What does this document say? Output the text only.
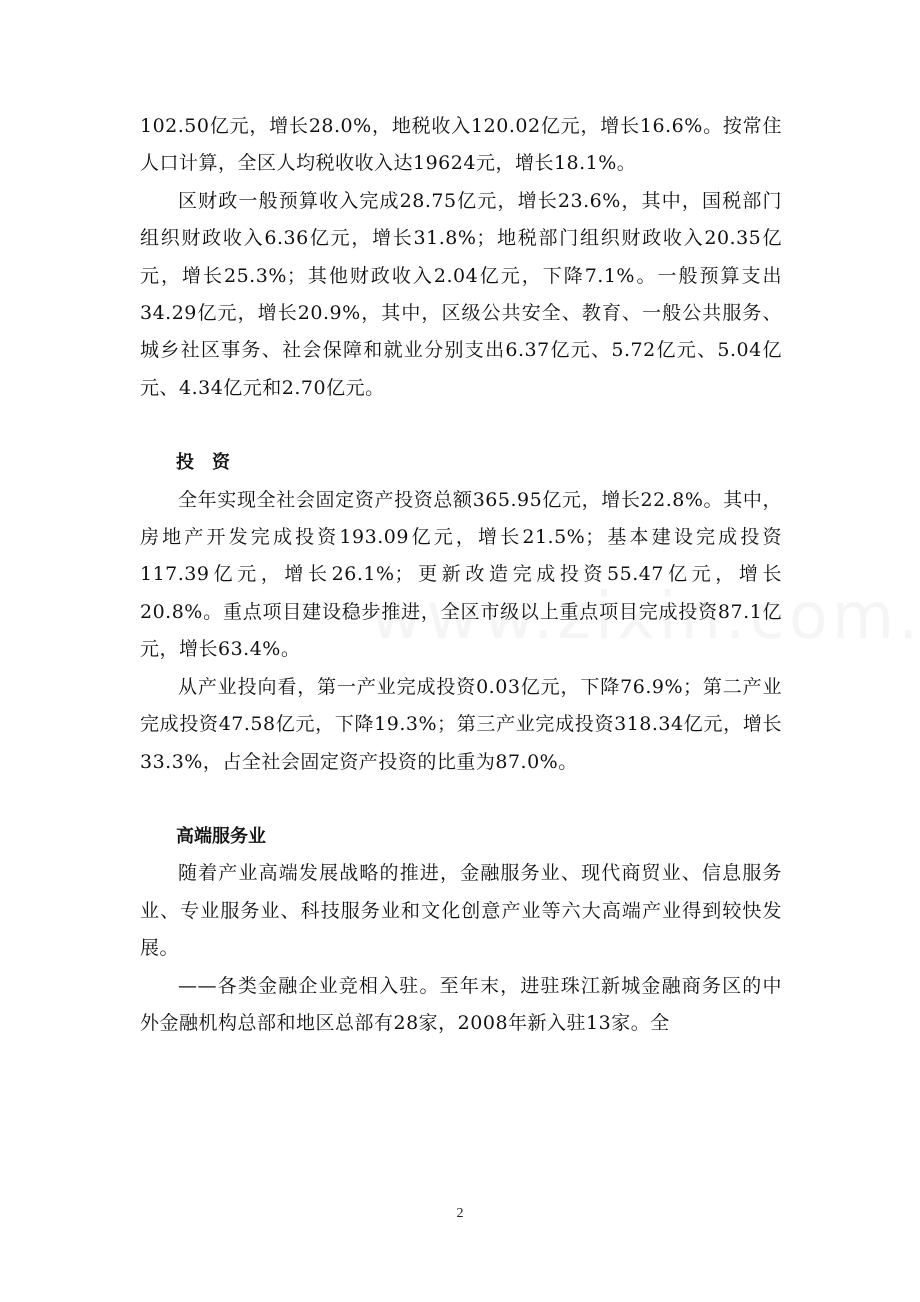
102.50亿元，增长28.0%，地税收入120.02亿元，增长16.6%。按常住人口计算，全区人均税收收入达19624元，增长18.1%。

区财政一般预算收入完成28.75亿元，增长23.6%，其中，国税部门组织财政收入6.36亿元，增长31.8%；地税部门组织财政收入20.35亿元，增长25.3%；其他财政收入2.04亿元，下降7.1%。一般预算支出34.29亿元，增长20.9%，其中，区级公共安全、教育、一般公共服务、城乡社区事务、社会保障和就业分别支出6.37亿元、5.72亿元、5.04亿元、4.34亿元和2.70亿元。

投　资

全年实现全社会固定资产投资总额365.95亿元，增长22.8%。其中，房地产开发完成投资193.09亿元，增长21.5%；基本建设完成投资117.39亿元，增长26.1%；更新改造完成投资55.47亿元，增长20.8%。重点项目建设稳步推进，全区市级以上重点项目完成投资87.1亿元，增长63.4%。

从产业投向看，第一产业完成投资0.03亿元，下降76.9%；第二产业完成投资47.58亿元，下降19.3%；第三产业完成投资318.34亿元，增长33.3%，占全社会固定资产投资的比重为87.0%。

高端服务业

随着产业高端发展战略的推进，金融服务业、现代商贸业、信息服务业、专业服务业、科技服务业和文化创意产业等六大高端产业得到较快发展。

——各类金融企业竞相入驻。至年末，进驻珠江新城金融商务区的中外金融机构总部和地区总部有28家，2008年新入驻13家。全

2
